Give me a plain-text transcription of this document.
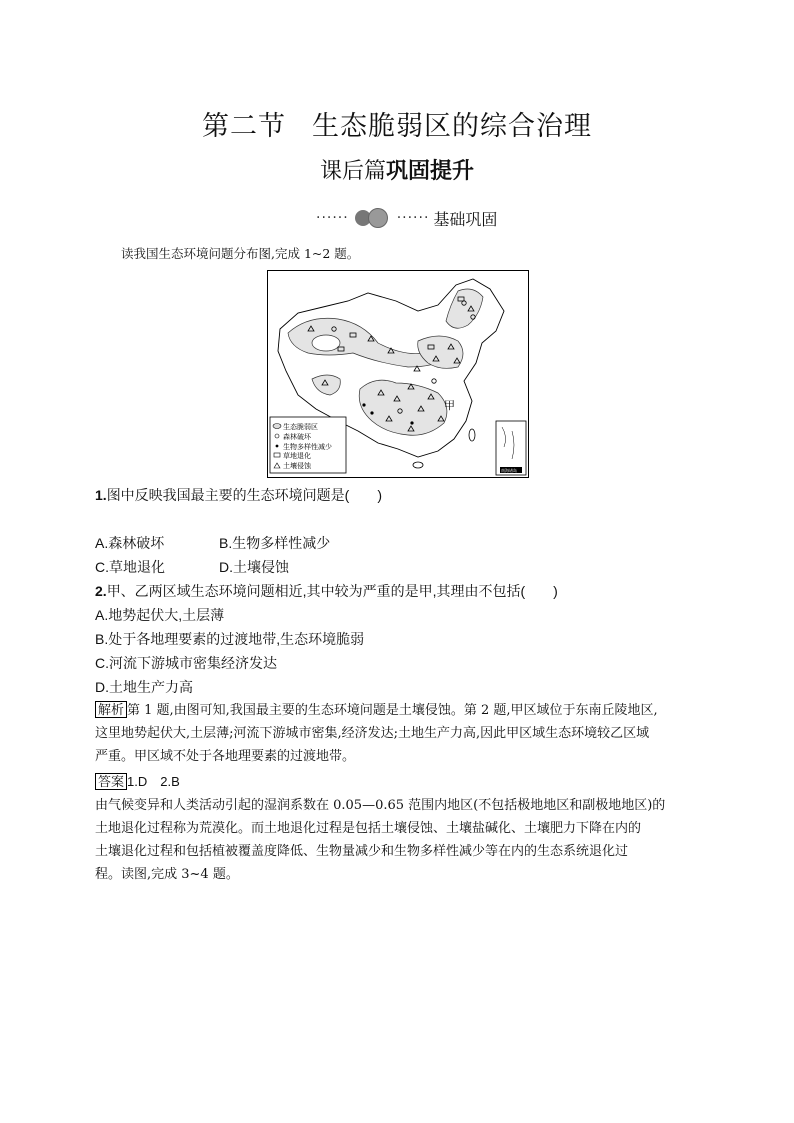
第二节 生态脆弱区的综合治理
课后篇巩固提升
······	······ 基础巩固
读我国生态环境问题分布图,完成 1~2 题。
甲
生态脆弱区
森林破坏
生物多样性减少
草地退化
土壤侵蚀
南海诸岛
1.图中反映我国最主要的生态环境问题是(　　)
A.森林破坏	B.生物多样性减少
C.草地退化	D.土壤侵蚀
2.甲、乙两区域生态环境问题相近,其中较为严重的是甲,其理由不包括(　　)
A.地势起伏大,土层薄
B.处于各地理要素的过渡地带,生态环境脆弱
C.河流下游城市密集经济发达
D.土地生产力高
解析 第 1 题,由图可知,我国最主要的生态环境问题是土壤侵蚀。第 2 题,甲区域位于东南丘陵地区,
这里地势起伏大,土层薄;河流下游城市密集,经济发达;土地生产力高,因此甲区域生态环境较乙区域
严重。甲区域不处于各地理要素的过渡地带。
答案 1.D　2.B
由气候变异和人类活动引起的湿润系数在 0.05—0.65 范围内地区(不包括极地地区和副极地地区)的
土地退化过程称为荒漠化。而土地退化过程是包括土壤侵蚀、土壤盐碱化、土壤肥力下降在内的
土壤退化过程和包括植被覆盖度降低、生物量减少和生物多样性减少等在内的生态系统退化过
程。读图,完成 3~4 题。
